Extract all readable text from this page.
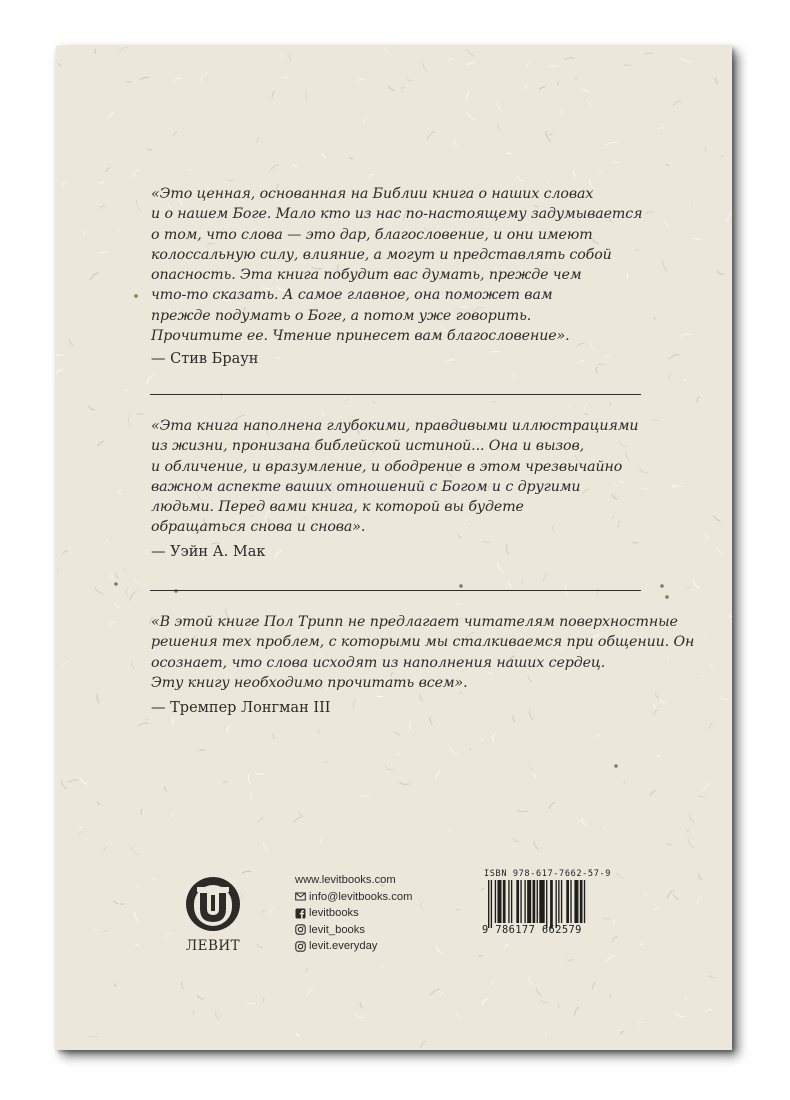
«Это ценная, основанная на Библии книга о наших словах
и о нашем Боге. Мало кто из нас по-настоящему задумывается
о том, что слова — это дар, благословение, и они имеют
колоссальную силу, влияние, а могут и представлять собой
опасность. Эта книга побудит вас думать, прежде чем
что-то сказать. А самое главное, она поможет вам
прежде подумать о Боге, а потом уже говорить.
Прочитите ее. Чтение принесет вам благословение».
— Стив Браун
«Эта книга наполнена глубокими, правдивыми иллюстрациями
из жизни, пронизана библейской истиной... Она и вызов,
и обличение, и вразумление, и ободрение в этом чрезвычайно
важном аспекте ваших отношений с Богом и с другими
людьми. Перед вами книга, к которой вы будете
обращаться снова и снова».
— Уэйн А. Мак
«В этой книге Пол Трипп не предлагает читателям поверхностные
решения тех проблем, с которыми мы сталкиваемся при общении. Он
осознает, что слова исходят из наполнения наших сердец.
Эту книгу необходимо прочитать всем».
— Тремпер Лонгман III
ЛЕВИТ
www.levitbooks.com
info@levitbooks.com
levitbooks
levit_books
levit.everyday
ISBN 978-617-7662-57-9
9 786177 662579
